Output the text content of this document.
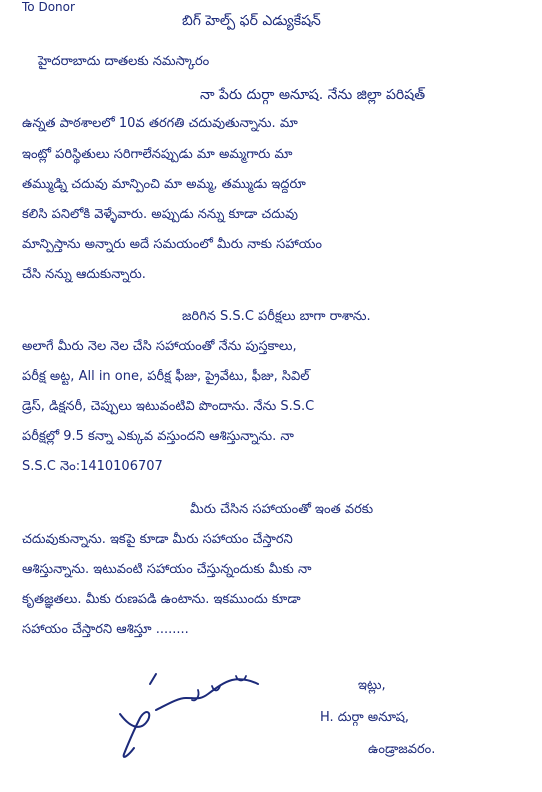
To Donor
బిగ్ హెల్ప్ ఫర్ ఎడ్యుకేషన్
హైదరాబాదు దాతలకు నమస్కారం
నా పేరు దుర్గా అనూష. నేను జిల్లా పరిషత్
ఉన్నత పాఠశాలలో 10వ తరగతి చదువుతున్నాను. మా
ఇంట్లో పరిస్థితులు సరిగాలేనప్పుడు మా అమ్మగారు మా
తమ్ముడ్ని చదువు మాన్పించి మా అమ్మ, తమ్ముడు ఇద్దరూ
కలిసి పనిలోకి వెళ్ళేవారు. అప్పుడు నన్ను కూడా చదువు
మాన్పిస్తాను అన్నారు అదే సమయంలో మీరు నాకు సహాయం
చేసి నన్ను ఆదుకున్నారు.
జరిగిన S.S.C పరీక్షలు బాగా రాశాను.
అలాగే మీరు నెల నెల చేసి సహాయంతో నేను పుస్తకాలు,
పరీక్ష అట్ట, All in one, పరీక్ష ఫీజు, ప్రైవేటు, ఫీజు, సివిల్
డ్రెస్, డిక్షనరీ, చెప్పులు ఇటువంటివి పొందాను. నేను S.S.C
పరీక్షల్లో 9.5 కన్నా ఎక్కువ వస్తుందని ఆశిస్తున్నాను. నా
S.S.C నెం:1410106707
మీరు చేసిన సహాయంతో ఇంత వరకు
చదువుకున్నాను. ఇకపై కూడా మీరు సహాయం చేస్తారని
ఆశిస్తున్నాను. ఇటువంటి సహాయం చేస్తున్నందుకు మీకు నా
కృతజ్ఞతలు. మీకు రుణపడి ఉంటాను. ఇకముందు కూడా
సహాయం చేస్తారని ఆశిస్తూ ........
ఇట్లు,
H. దుర్గా అనూష,
ఉండ్రాజవరం.
